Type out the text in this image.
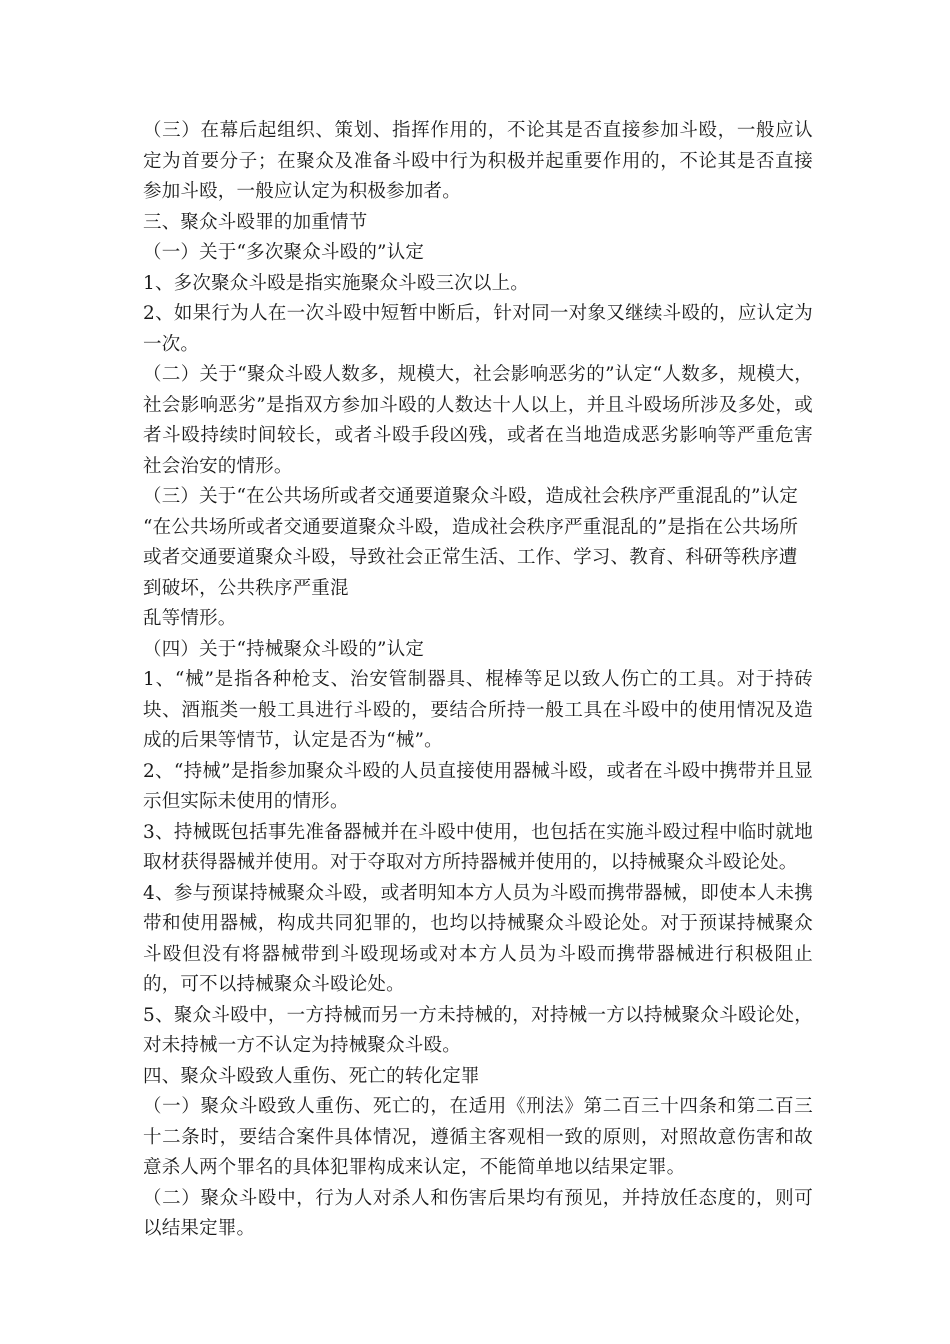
（三）在幕后起组织、策划、指挥作用的，不论其是否直接参加斗殴，一般应认定为首要分子；在聚众及准备斗殴中行为积极并起重要作用的，不论其是否直接参加斗殴，一般应认定为积极参加者。

三、聚众斗殴罪的加重情节

（一）关于“多次聚众斗殴的”认定

1、多次聚众斗殴是指实施聚众斗殴三次以上。

2、如果行为人在一次斗殴中短暂中断后，针对同一对象又继续斗殴的，应认定为一次。

（二）关于“聚众斗殴人数多，规模大，社会影响恶劣的”认定“人数多，规模大，社会影响恶劣”是指双方参加斗殴的人数达十人以上，并且斗殴场所涉及多处，或者斗殴持续时间较长，或者斗殴手段凶残，或者在当地造成恶劣影响等严重危害社会治安的情形。

（三）关于“在公共场所或者交通要道聚众斗殴，造成社会秩序严重混乱的”认定 “在公共场所或者交通要道聚众斗殴，造成社会秩序严重混乱的”是指在公共场所或者交通要道聚众斗殴，导致社会正常生活、工作、学习、教育、科研等秩序遭到破坏，公共秩序严重混

乱等情形。

（四）关于“持械聚众斗殴的”认定

1、“械”是指各种枪支、治安管制器具、棍棒等足以致人伤亡的工具。对于持砖块、酒瓶类一般工具进行斗殴的，要结合所持一般工具在斗殴中的使用情况及造成的后果等情节，认定是否为“械”。

2、“持械”是指参加聚众斗殴的人员直接使用器械斗殴，或者在斗殴中携带并且显示但实际未使用的情形。

3、持械既包括事先准备器械并在斗殴中使用，也包括在实施斗殴过程中临时就地取材获得器械并使用。对于夺取对方所持器械并使用的，以持械聚众斗殴论处。

4、参与预谋持械聚众斗殴，或者明知本方人员为斗殴而携带器械，即使本人未携带和使用器械，构成共同犯罪的，也均以持械聚众斗殴论处。对于预谋持械聚众斗殴但没有将器械带到斗殴现场或对本方人员为斗殴而携带器械进行积极阻止的，可不以持械聚众斗殴论处。

5、聚众斗殴中，一方持械而另一方未持械的，对持械一方以持械聚众斗殴论处，对未持械一方不认定为持械聚众斗殴。

四、聚众斗殴致人重伤、死亡的转化定罪

（一）聚众斗殴致人重伤、死亡的，在适用《刑法》第二百三十四条和第二百三十二条时，要结合案件具体情况，遵循主客观相一致的原则，对照故意伤害和故意杀人两个罪名的具体犯罪构成来认定，不能简单地以结果定罪。

（二）聚众斗殴中，行为人对杀人和伤害后果均有预见，并持放任态度的，则可以结果定罪。
